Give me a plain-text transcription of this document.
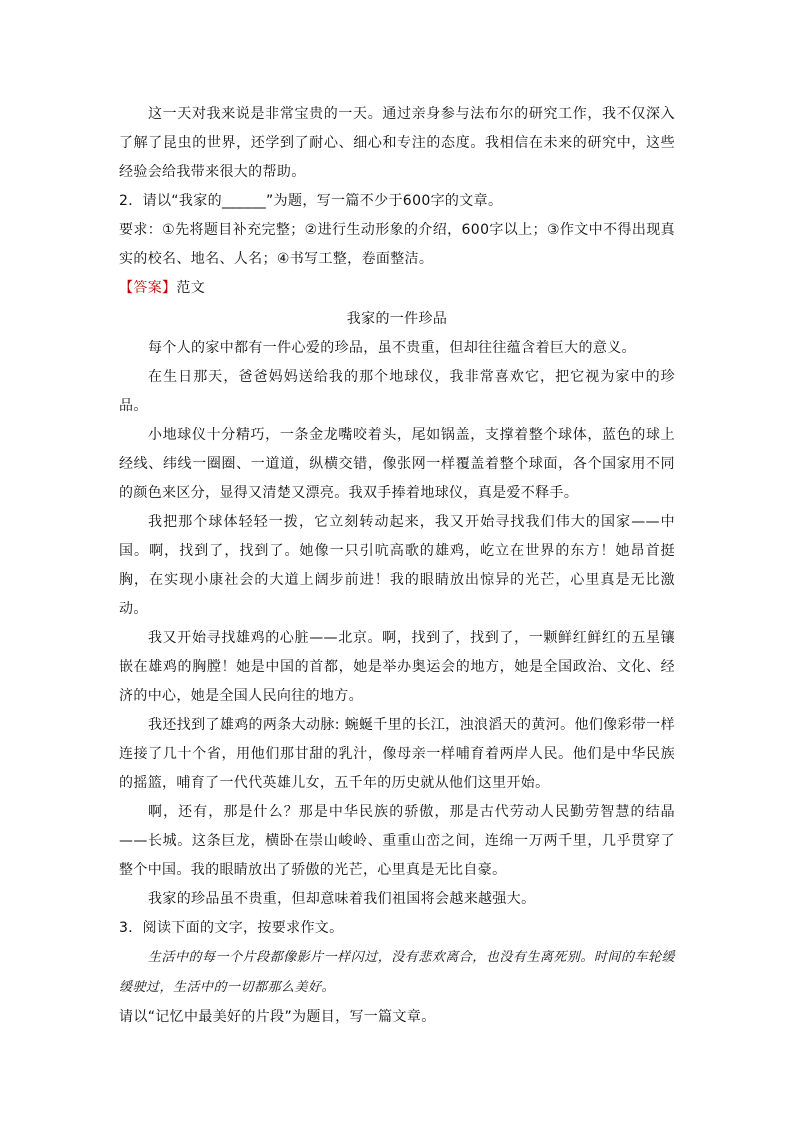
这一天对我来说是非常宝贵的一天。通过亲身参与法布尔的研究工作，我不仅深入了解了昆虫的世界，还学到了耐心、细心和专注的态度。我相信在未来的研究中，这些经验会给我带来很大的帮助。

2．请以“我家的______”为题，写一篇不少于600字的文章。

要求：①先将题目补充完整；②进行生动形象的介绍，600字以上；③作文中不得出现真实的校名、地名、人名；④书写工整，卷面整洁。

【答案】范文

我家的一件珍品

每个人的家中都有一件心爱的珍品，虽不贵重，但却往往蕴含着巨大的意义。

在生日那天，爸爸妈妈送给我的那个地球仪，我非常喜欢它，把它视为家中的珍品。

小地球仪十分精巧，一条金龙嘴咬着头，尾如锅盖，支撑着整个球体，蓝色的球上经线、纬线一圈圈、一道道，纵横交错，像张网一样覆盖着整个球面，各个国家用不同的颜色来区分，显得又清楚又漂亮。我双手捧着地球仪，真是爱不释手。

我把那个球体轻轻一拨，它立刻转动起来，我又开始寻找我们伟大的国家——中国。啊，找到了，找到了。她像一只引吭高歌的雄鸡，屹立在世界的东方！她昂首挺胸，在实现小康社会的大道上阔步前进！我的眼睛放出惊异的光芒，心里真是无比激动。

我又开始寻找雄鸡的心脏——北京。啊，找到了，找到了，一颗鲜红鲜红的五星镶嵌在雄鸡的胸膛！她是中国的首都，她是举办奥运会的地方，她是全国政治、文化、经济的中心，她是全国人民向往的地方。

我还找到了雄鸡的两条大动脉: 蜿蜒千里的长江，浊浪滔天的黄河。他们像彩带一样连接了几十个省，用他们那甘甜的乳汁，像母亲一样哺育着两岸人民。他们是中华民族的摇篮，哺育了一代代英雄儿女，五千年的历史就从他们这里开始。

啊，还有，那是什么？那是中华民族的骄傲，那是古代劳动人民勤劳智慧的结晶——长城。这条巨龙，横卧在崇山峻岭、重重山峦之间，连绵一万两千里，几乎贯穿了整个中国。我的眼睛放出了骄傲的光芒，心里真是无比自豪。

我家的珍品虽不贵重，但却意味着我们祖国将会越来越强大。

3．阅读下面的文字，按要求作文。

生活中的每一个片段都像影片一样闪过，没有悲欢离合，也没有生离死别。时间的车轮缓缓驶过，生活中的一切都那么美好。

请以“记忆中最美好的片段”为题目，写一篇文章。
